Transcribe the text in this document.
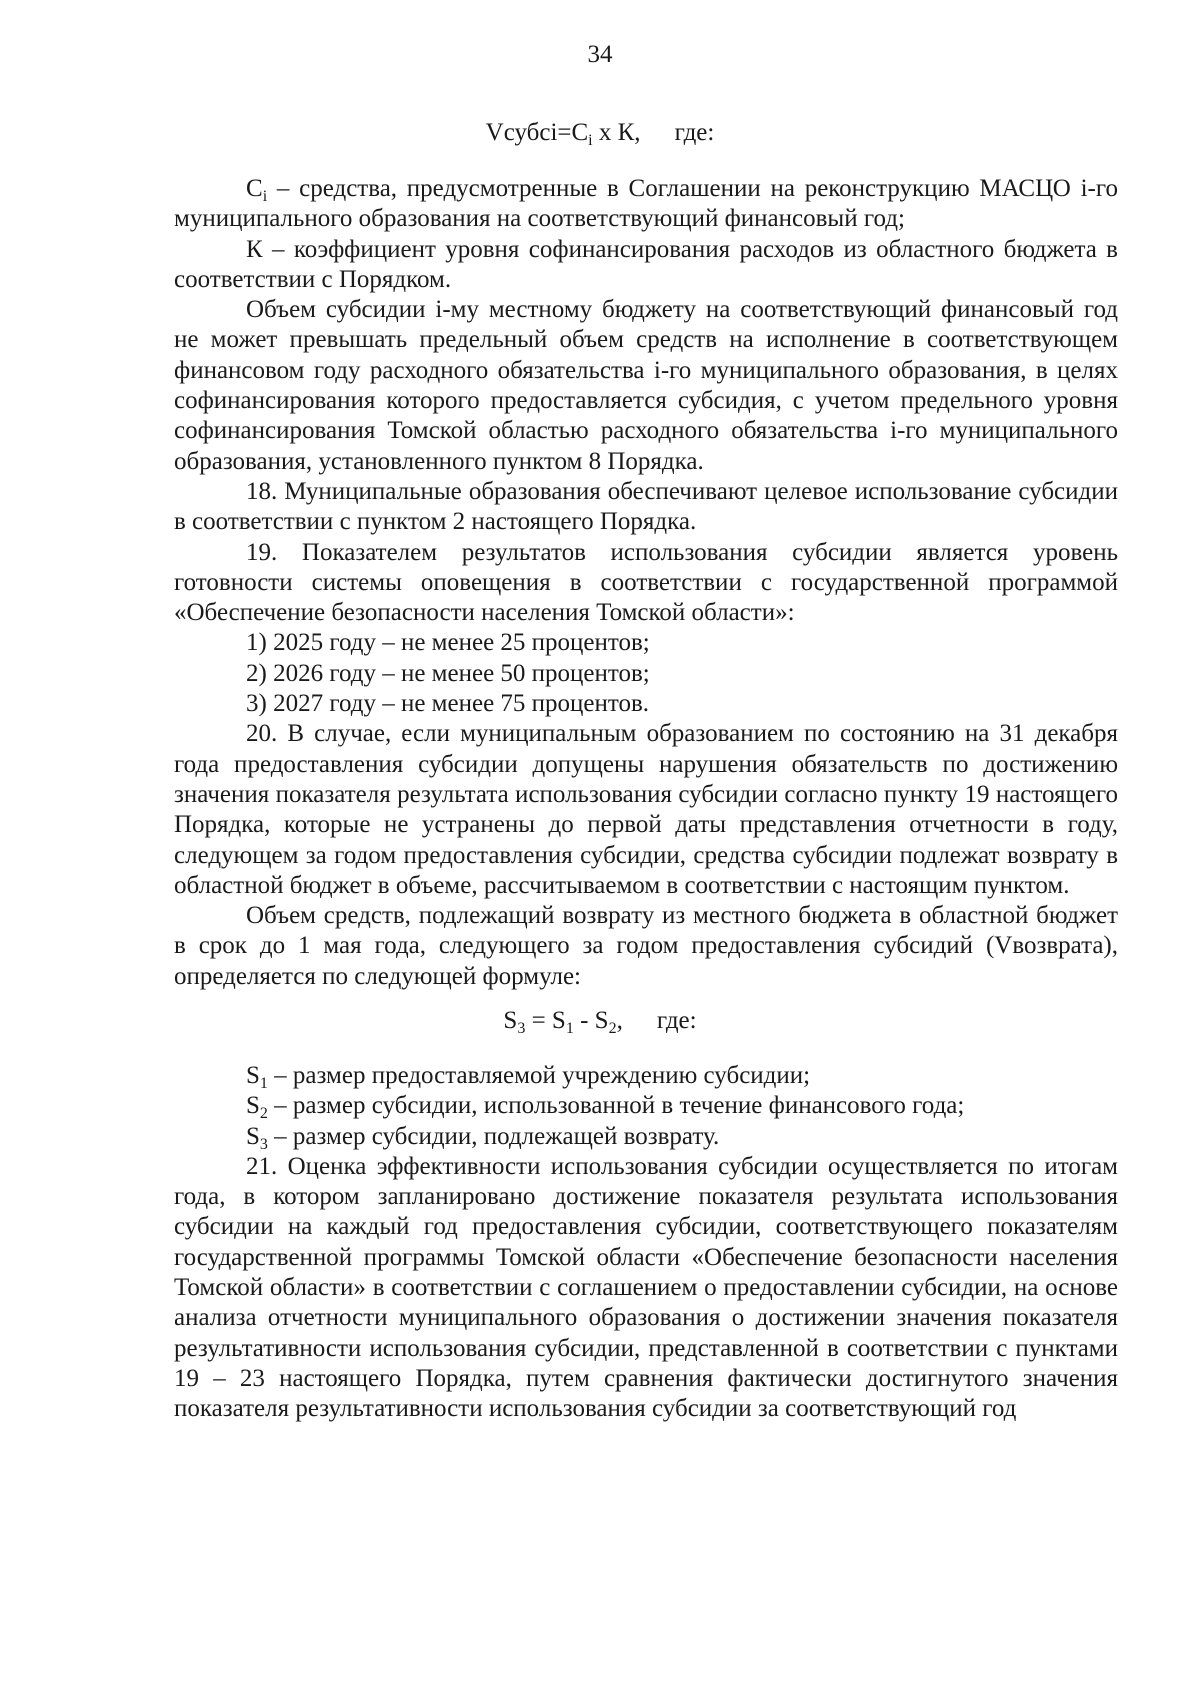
34
$Vсубсi=С_i$ х К, где:

$С_i$ – средства, предусмотренные в Соглашении на реконструкцию МАСЦО i-го муниципального образования на соответствующий финансовый год;

К – коэффициент уровня софинансирования расходов из областного бюджета в соответствии с Порядком.

Объем субсидии i-му местному бюджету на соответствующий финансовый год не может превышать предельный объем средств на исполнение в соответствующем финансовом году расходного обязательства i-го муниципального образования, в целях софинансирования которого предоставляется субсидия, с учетом предельного уровня софинансирования Томской областью расходного обязательства i-го муниципального образования, установленного пунктом 8 Порядка.

18. Муниципальные образования обеспечивают целевое использование субсидии в соответствии с пунктом 2 настоящего Порядка.

19. Показателем результатов использования субсидии является уровень готовности системы оповещения в соответствии с государственной программой «Обеспечение безопасности населения Томской области»:

1) 2025 году – не менее 25 процентов;

2) 2026 году – не менее 50 процентов;

3) 2027 году – не менее 75 процентов.

20. В случае, если муниципальным образованием по состоянию на 31 декабря года предоставления субсидии допущены нарушения обязательств по достижению значения показателя результата использования субсидии согласно пункту 19 настоящего Порядка, которые не устранены до первой даты представления отчетности в году, следующем за годом предоставления субсидии, средства субсидии подлежат возврату в областной бюджет в объеме, рассчитываемом в соответствии с настоящим пунктом.

Объем средств, подлежащий возврату из местного бюджета в областной бюджет в срок до 1 мая года, следующего за годом предоставления субсидий (Vвозврата), определяется по следующей формуле:

$S_3 = S_1 - S_2$, где:

$S_1$ – размер предоставляемой учреждению субсидии;

$S_2$ – размер субсидии, использованной в течение финансового года;

$S_3$ – размер субсидии, подлежащей возврату.

21. Оценка эффективности использования субсидии осуществляется по итогам года, в котором запланировано достижение показателя результата использования субсидии на каждый год предоставления субсидии, соответствующего показателям государственной программы Томской области «Обеспечение безопасности населения Томской области» в соответствии с соглашением о предоставлении субсидии, на основе анализа отчетности муниципального образования о достижении значения показателя результативности использования субсидии, представленной в соответствии с пунктами 19 – 23 настоящего Порядка, путем сравнения фактически достигнутого значения показателя результативности использования субсидии за соответствующий год
